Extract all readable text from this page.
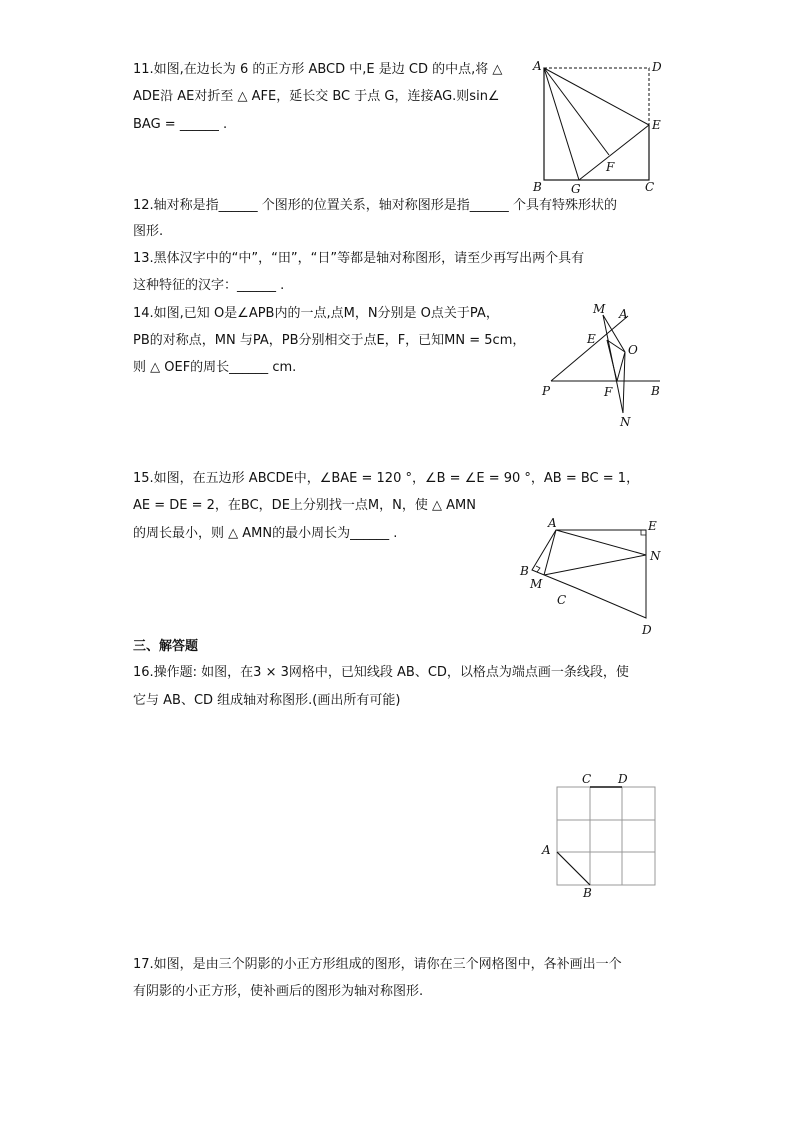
11.如图,在边长为 6 的正方形 ABCD 中,E 是边 CD 的中点,将 △
ADE沿 AE对折至 △ AFE，延长交 BC 于点 G，连接AG.则sin∠
BAG = ______ .
A	D
E
F
B G	C
12.轴对称是指______ 个图形的位置关系，轴对称图形是指______ 个具有特殊形状的
图形.
13.黑体汉字中的“中”，“田”，“日”等都是轴对称图形，请至少再写出两个具有
这种特征的汉字：______ .
14.如图,已知 O是∠APB内的一点,点M，N分别是 O点关于PA，
PB的对称点，MN 与PA，PB分别相交于点E，F，已知MN = 5cm，
则 △ OEF的周长______ cm.
M A
E
O
P	F	B
N
15.如图，在五边形 ABCDE中，∠BAE = 120 °，∠B = ∠E = 90 °，AB = BC = 1，
AE = DE = 2，在BC，DE上分别找一点M，N，使 △ AMN
的周长最小，则 △ AMN的最小周长为______ .
A	E
N
B
M
C
D
三、解答题
16.操作题: 如图，在3 × 3网格中，已知线段 AB、CD，以格点为端点画一条线段，使
它与 AB、CD 组成轴对称图形.(画出所有可能)
C D
A
B
17.如图，是由三个阴影的小正方形组成的图形，请你在三个网格图中，各补画出一个
有阴影的小正方形，使补画后的图形为轴对称图形.
